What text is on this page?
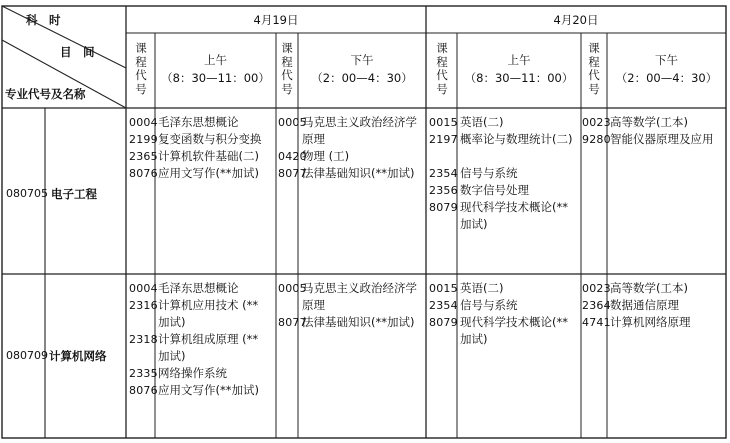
科　时
目　间
专业代号及名称
4月19日	4月20日
课程代号
课程代号
课程代号
课程代号
上午
（8：30—11：00）
下午
（2：00—4：30）
上午
（8：30—11：00）
下午
（2：00—4：30）
080705 电子工程
0004
2199
2365
8076
毛泽东思想概论
复变函数与积分变换
计算机软件基础(二)
应用文写作(**加试)
0005
0420
8077
马克思主义政治经济学
原理
物理 (工)
法律基础知识(**加试)
0015
2197
2354
2356
8079
英语(二)
概率论与数理统计(二)
信号与系统
数字信号处理
现代科学技术概论(**
加试)
0023
9280
高等数学(工本)
智能仪器原理及应用
080709 计算机网络
0004
2316
2318
2335
8076
毛泽东思想概论
计算机应用技术 (**
加试)
计算机组成原理 (**
加试)
网络操作系统
应用文写作(**加试)
0005
8077
马克思主义政治经济学
原理
法律基础知识(**加试)
0015
2354
8079
英语(二)
信号与系统
现代科学技术概论(**
加试)
0023
2364
4741
高等数学(工本)
数据通信原理
计算机网络原理
